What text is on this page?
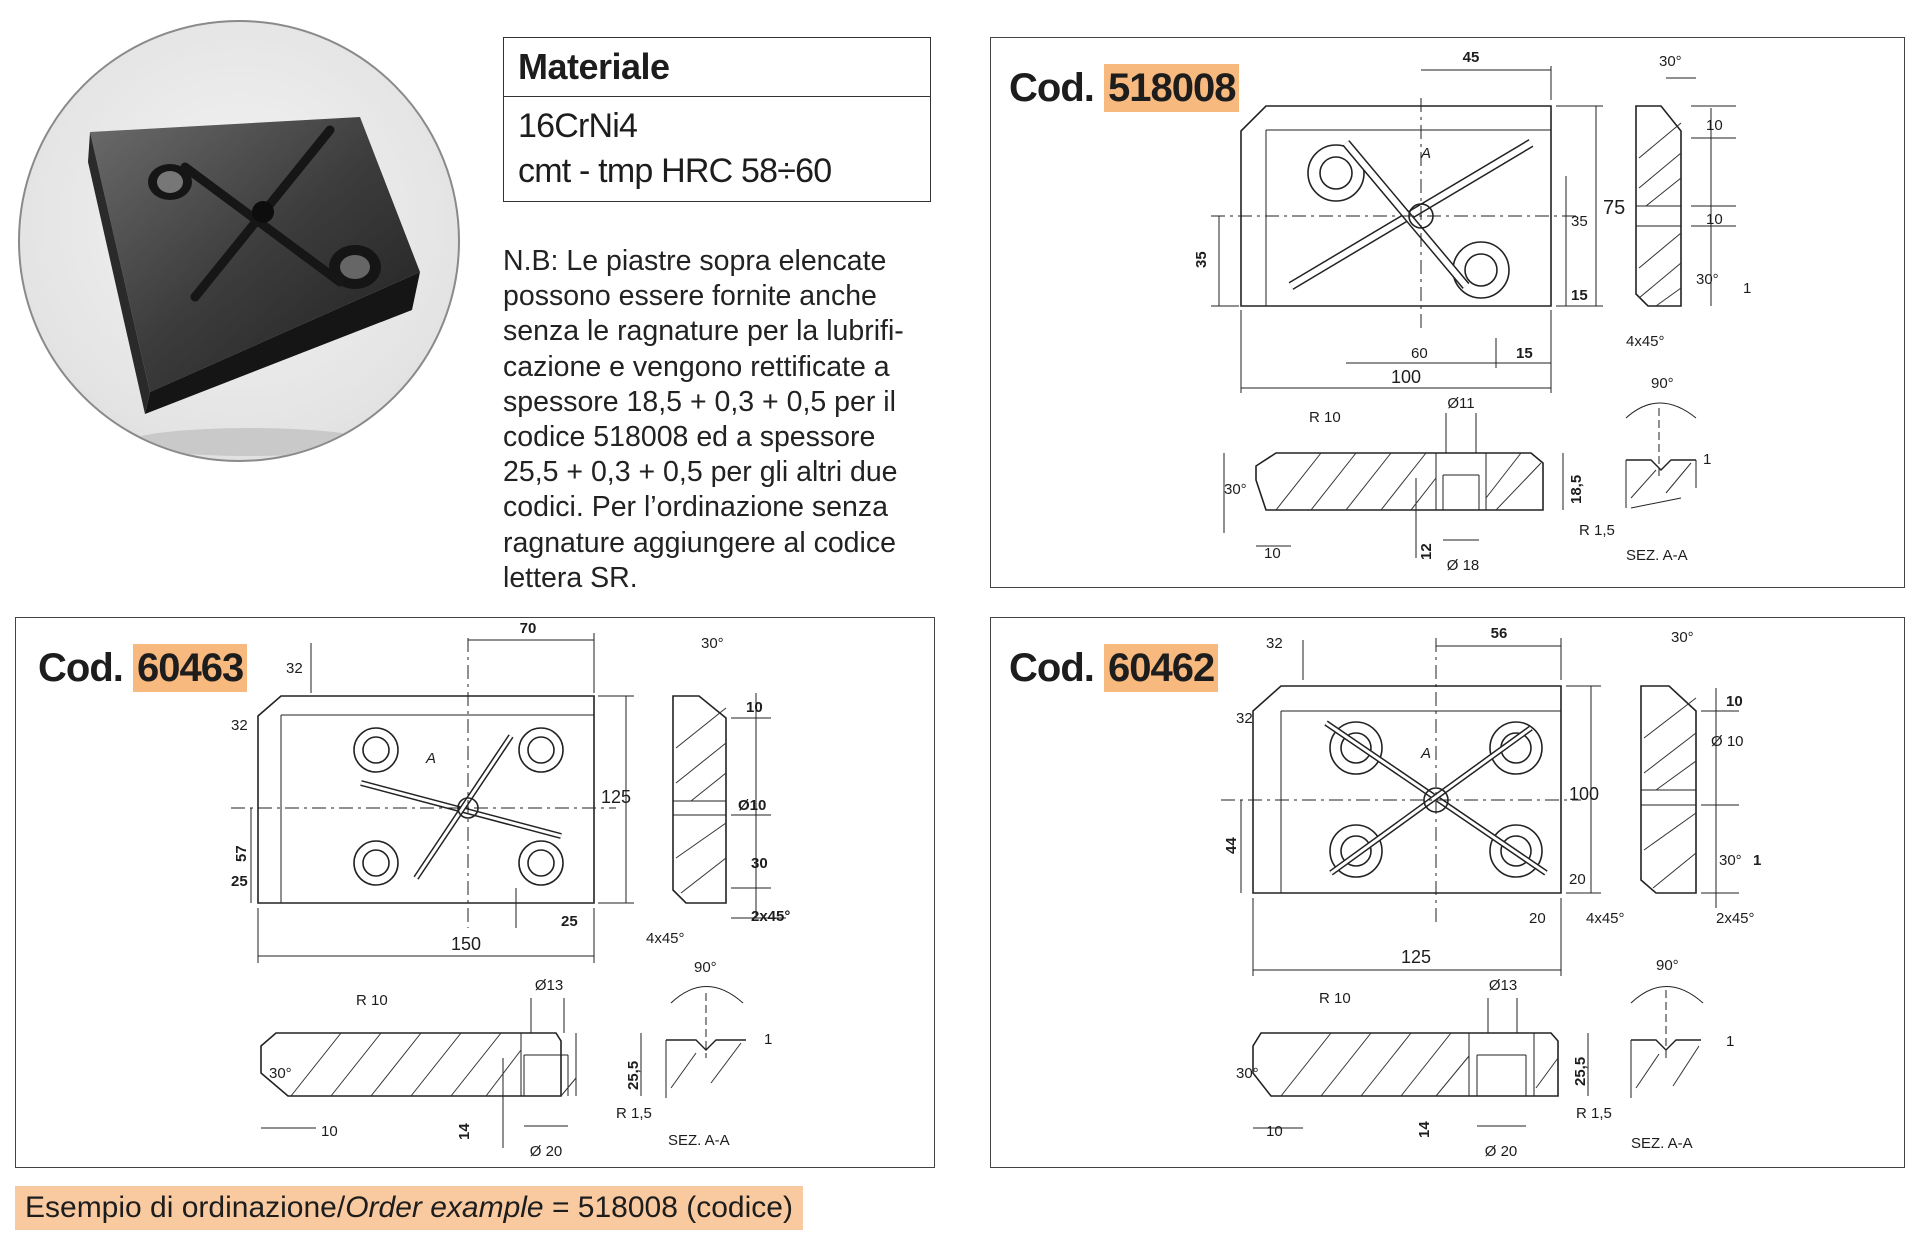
Materiale
16CrNi4
cmt - tmp HRC 58÷60
N.B: Le piastre sopra elencate
possono essere fornite anche
senza le ragnature per la lubrifi-
cazione e vengono rettificate a
spessore 18,5 + 0,3 + 0,5 per il
codice 518008 ed a spessore
25,5 + 0,3 + 0,5 per gli altri due
codici. Per l’ordinazione senza
ragnature aggiungere al codice
lettera SR.
Cod. 518008
45
75
35
15
35
60	15
100
30°
10
10
30°
1
4x45°
R 10
30°
10
Ø11
Ø 18
12
18,5
90°
1
R 1,5
SEZ. A-A
A
Cod. 60463	32
70
32
125
57
25
25
150
30°
10
Ø10
30
4x45°
2x45°
R 10
30°
10
Ø13
Ø 20
14
25,5
90°
1
R 1,5
SEZ. A-A
A
Cod. 60462
32
56
32
100
44
20
20
125
30°
10
Ø 10
30° 1
4x45°	2x45°
R 10
30°
10
Ø13
Ø 20
14
25,5
90°
1
R 1,5
SEZ. A-A
A
Esempio di ordinazione/Order example = 518008 (codice)
